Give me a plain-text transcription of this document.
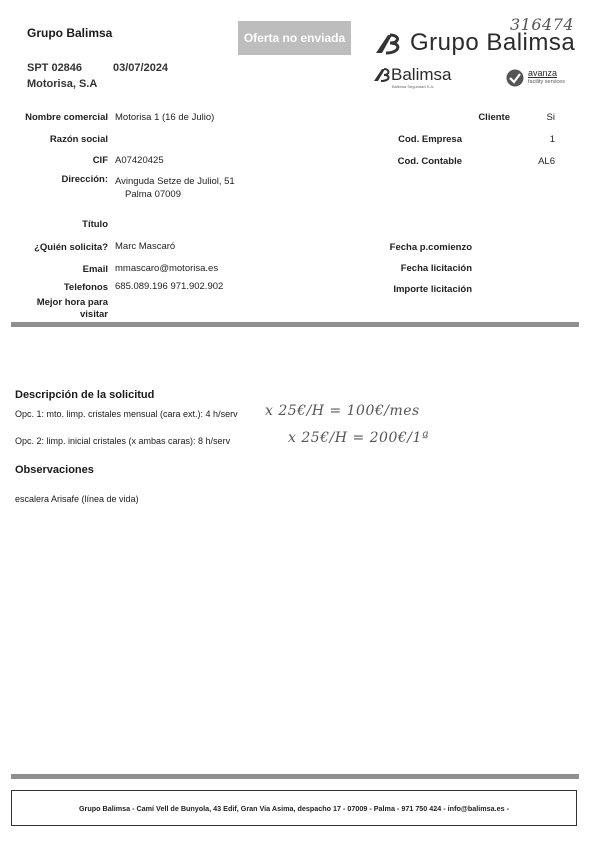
Grupo Balimsa
SPT 02846	03/07/2024
Motorisa, S.A
Oferta no enviada
316474
Grupo Balimsa
Balimsa
Balimsa Seguridad S.A.
avanza
facility services
Nombre comercial Motorisa 1 (16 de Julio)
Razón social
CIF A07420425
Dirección: Avinguda Setze de Juliol, 51
Palma 07009
Título
¿Quién solicita? Marc Mascaró
Email mmascaro@motorisa.es
Telefonos 685.089.196 971.902.902
Mejor hora para
visitar
Cliente	Si
Cod. Empresa	1
Cod. Contable	AL6
Fecha p.comienzo
Fecha licitación
Importe licitación
Descripción de la solicitud
Opc. 1: mto. limp. cristales mensual (cara ext.): 4 h/serv x 25€/H = 100€/mes
Opc. 2: limp. inicial cristales (x ambas caras): 8 h/serv	x 25€/H = 200€/1ª
Observaciones
escalera Arisafe (línea de vida)
Grupo Balimsa - Camí Vell de Bunyola, 43 Edif, Gran Via Asima, despacho 17 - 07009 - Palma - 971 750 424 - info@balimsa.es -
